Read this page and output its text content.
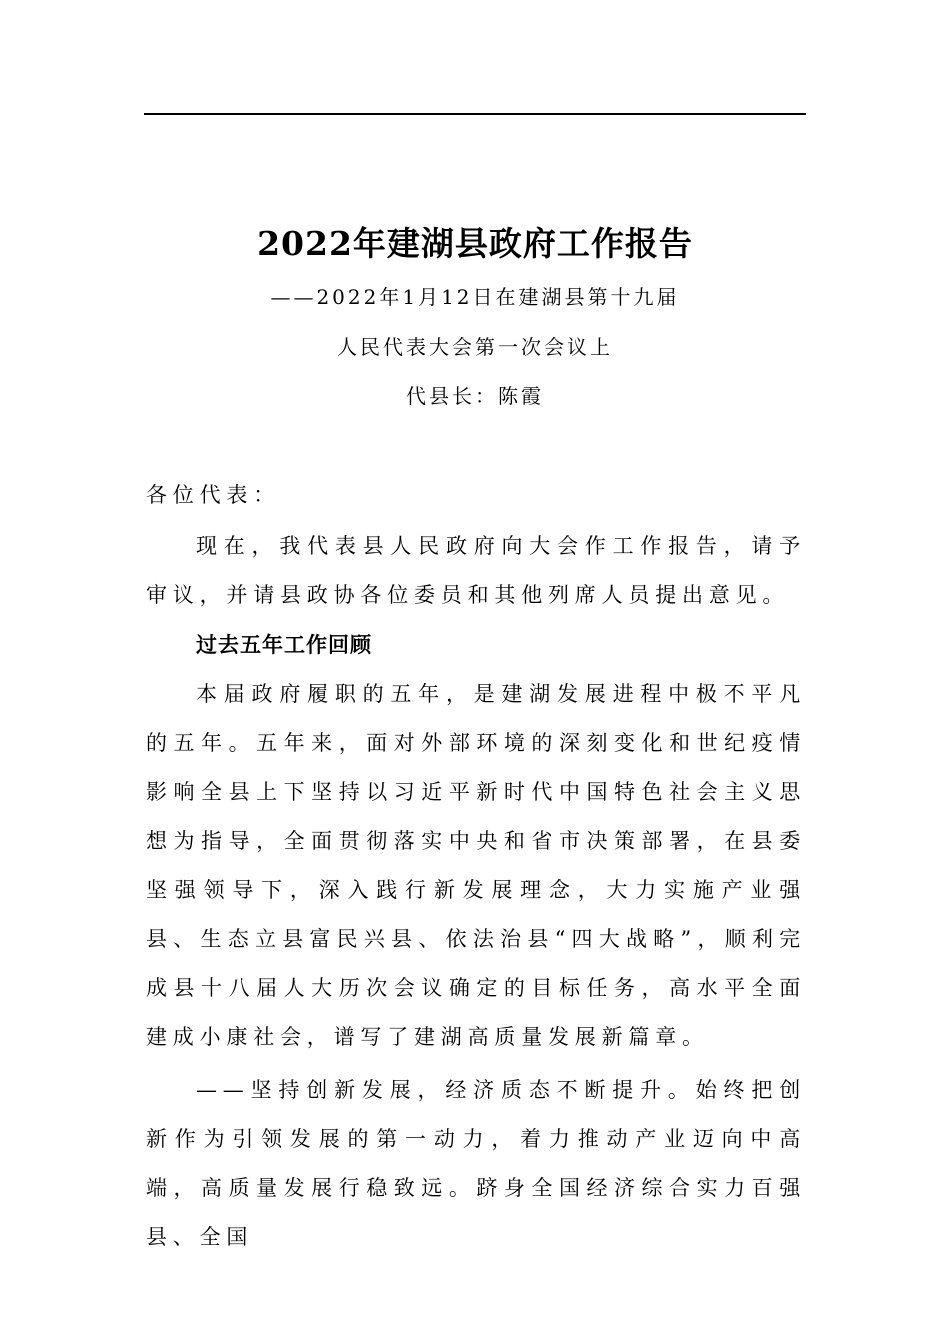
2022年建湖县政府工作报告
——2022年1月12日在建湖县第十九届
人民代表大会第一次会议上
代县长：陈霞
各位代表：
现在，我代表县人民政府向大会作工作报告，请予审议，并请县政协各位委员和其他列席人员提出意见。
过去五年工作回顾
本届政府履职的五年，是建湖发展进程中极不平凡的五年。五年来，面对外部环境的深刻变化和世纪疫情影响全县上下坚持以习近平新时代中国特色社会主义思想为指导，全面贯彻落实中央和省市决策部署，在县委坚强领导下，深入践行新发展理念，大力实施产业强县、生态立县富民兴县、依法治县“四大战略”，顺利完成县十八届人大历次会议确定的目标任务，高水平全面建成小康社会，谱写了建湖高质量发展新篇章。
——坚持创新发展，经济质态不断提升。始终把创新作为引领发展的第一动力，着力推动产业迈向中高端，高质量发展行稳致远。跻身全国经济综合实力百强县、全国
